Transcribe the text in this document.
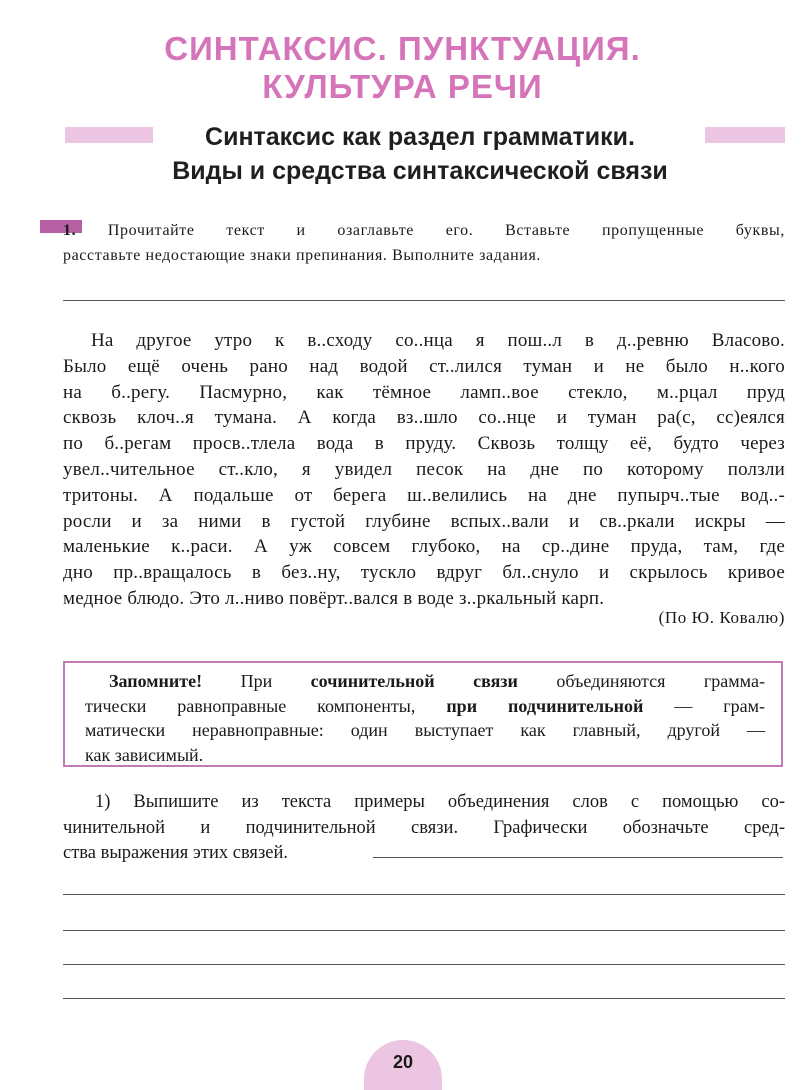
СИНТАКСИС. ПУНКТУАЦИЯ.
КУЛЬТУРА РЕЧИ
Синтаксис как раздел грамматики.
Виды и средства синтаксической связи

1. Прочитайте текст и озаглавьте его. Вставьте пропущенные буквы,

расставьте недостающие знаки препинания. Выполните задания.
На другое утро к в..сходу со..нца я пош..л в д..ревню Власово.
Было ещё очень рано над водой ст..лился туман и не было н..кого
на б..регу. Пасмурно, как тёмное ламп..вое стекло, м..рцал пруд
сквозь клоч..я тумана. А когда вз..шло со..нце и туман ра(с, сс)еялся
по б..регам просв..тлела вода в пруду. Сквозь толщу её, будто через
увел..чительное ст..кло, я увидел песок на дне по которому ползли
тритоны. А подальше от берега ш..велились на дне пупырч..тые вод..-
росли и за ними в густой глубине вспых..вали и св..ркали искры —
маленькие к..раси. А уж совсем глубоко, на ср..дине пруда, там, где
дно пр..вращалось в без..ну, тускло вдруг бл..снуло и скрылось кривое
медное блюдо. Это л..ниво повёрт..вался в воде з..ркальный карп.
(По Ю. Ковалю)
Запомните! При сочинительной связи объединяются граммa-
тически равноправные компоненты, при подчинительной — грам-
матически неравноправные: один выступает как главный, другой —
как зависимый.
1) Выпишите из текста примеры объединения слов с помощью со-
чинительной и подчинительной связи. Графически обозначьте сред-
ства выражения этих связей.
20
